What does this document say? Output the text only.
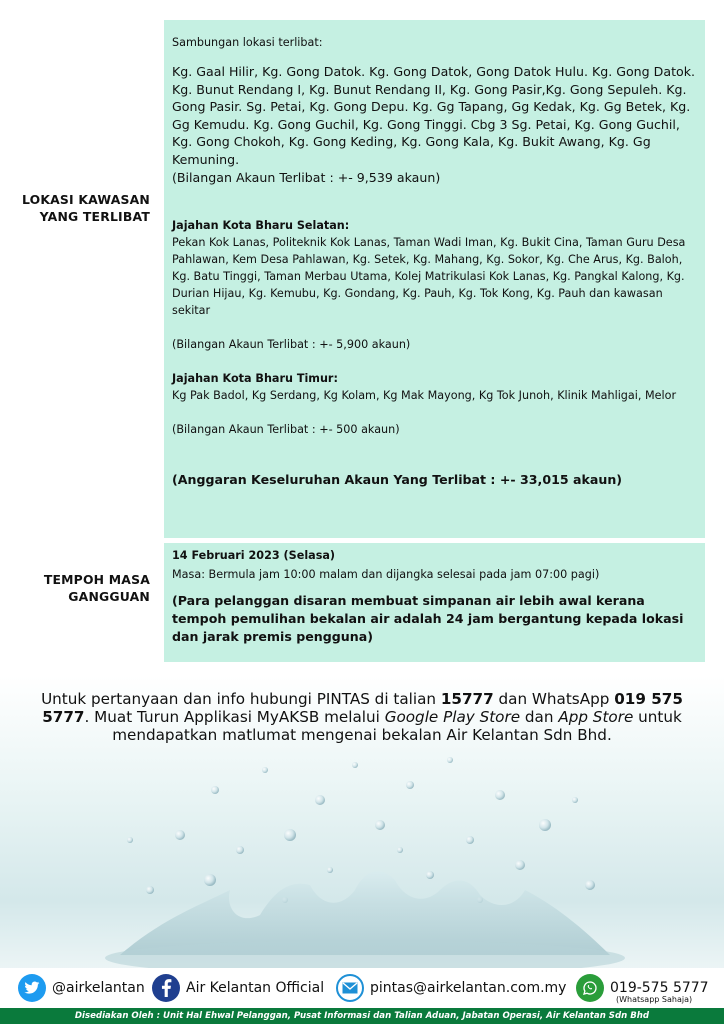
LOKASI KAWASAN
YANG TERLIBAT

Sambungan lokasi terlibat:

Kg. Gaal Hilir, Kg. Gong Datok. Kg. Gong Datok, Gong Datok Hulu. Kg. Gong Datok. Kg. Bunut Rendang I, Kg. Bunut Rendang II, Kg. Gong Pasir,Kg. Gong Sepuleh. Kg. Gong Pasir. Sg. Petai, Kg. Gong Depu. Kg. Gg Tapang, Gg Kedak, Kg. Gg Betek, Kg. Gg Kemudu. Kg. Gong Guchil, Kg. Gong Tinggi. Cbg 3 Sg. Petai, Kg. Gong Guchil, Kg. Gong Chokoh, Kg. Gong Keding, Kg. Gong Kala, Kg. Bukit Awang, Kg. Gg Kemuning.

(Bilangan Akaun Terlibat : +- 9,539 akaun)

Jajahan Kota Bharu Selatan:

Pekan Kok Lanas, Politeknik Kok Lanas, Taman Wadi Iman, Kg. Bukit Cina, Taman Guru Desa Pahlawan, Kem Desa Pahlawan, Kg. Setek, Kg. Mahang, Kg. Sokor, Kg. Che Arus, Kg. Baloh, Kg. Batu Tinggi, Taman Merbau Utama, Kolej Matrikulasi Kok Lanas, Kg. Pangkal Kalong, Kg. Durian Hijau, Kg. Kemubu, Kg. Gondang, Kg. Pauh, Kg. Tok Kong, Kg. Pauh dan kawasan sekitar

(Bilangan Akaun Terlibat : +- 5,900 akaun)

Jajahan Kota Bharu Timur:

Kg Pak Badol, Kg Serdang, Kg Kolam, Kg Mak Mayong, Kg Tok Junoh, Klinik Mahligai, Melor

(Bilangan Akaun Terlibat : +- 500 akaun)

(Anggaran Keseluruhan Akaun Yang Terlibat : +- 33,015 akaun)

TEMPOH MASA
GANGGUAN

14 Februari 2023 (Selasa)

Masa: Bermula jam 10:00 malam dan dijangka selesai pada jam 07:00 pagi)

(Para pelanggan disaran membuat simpanan air lebih awal kerana tempoh pemulihan bekalan air adalah 24 jam bergantung kepada lokasi dan jarak premis pengguna)

Untuk pertanyaan dan info hubungi PINTAS di talian 15777 dan WhatsApp 019 575 5777. Muat Turun Applikasi MyAKSB melalui Google Play Store dan App Store untuk mendapatkan matlumat mengenai bekalan Air Kelantan Sdn Bhd.
@airkelantan	Air Kelantan Official	pintas@airkelantan.com.my	019-575 5777
(Whatsapp Sahaja)
Disediakan Oleh : Unit Hal Ehwal Pelanggan, Pusat Informasi dan Talian Aduan, Jabatan Operasi, Air Kelantan Sdn Bhd
